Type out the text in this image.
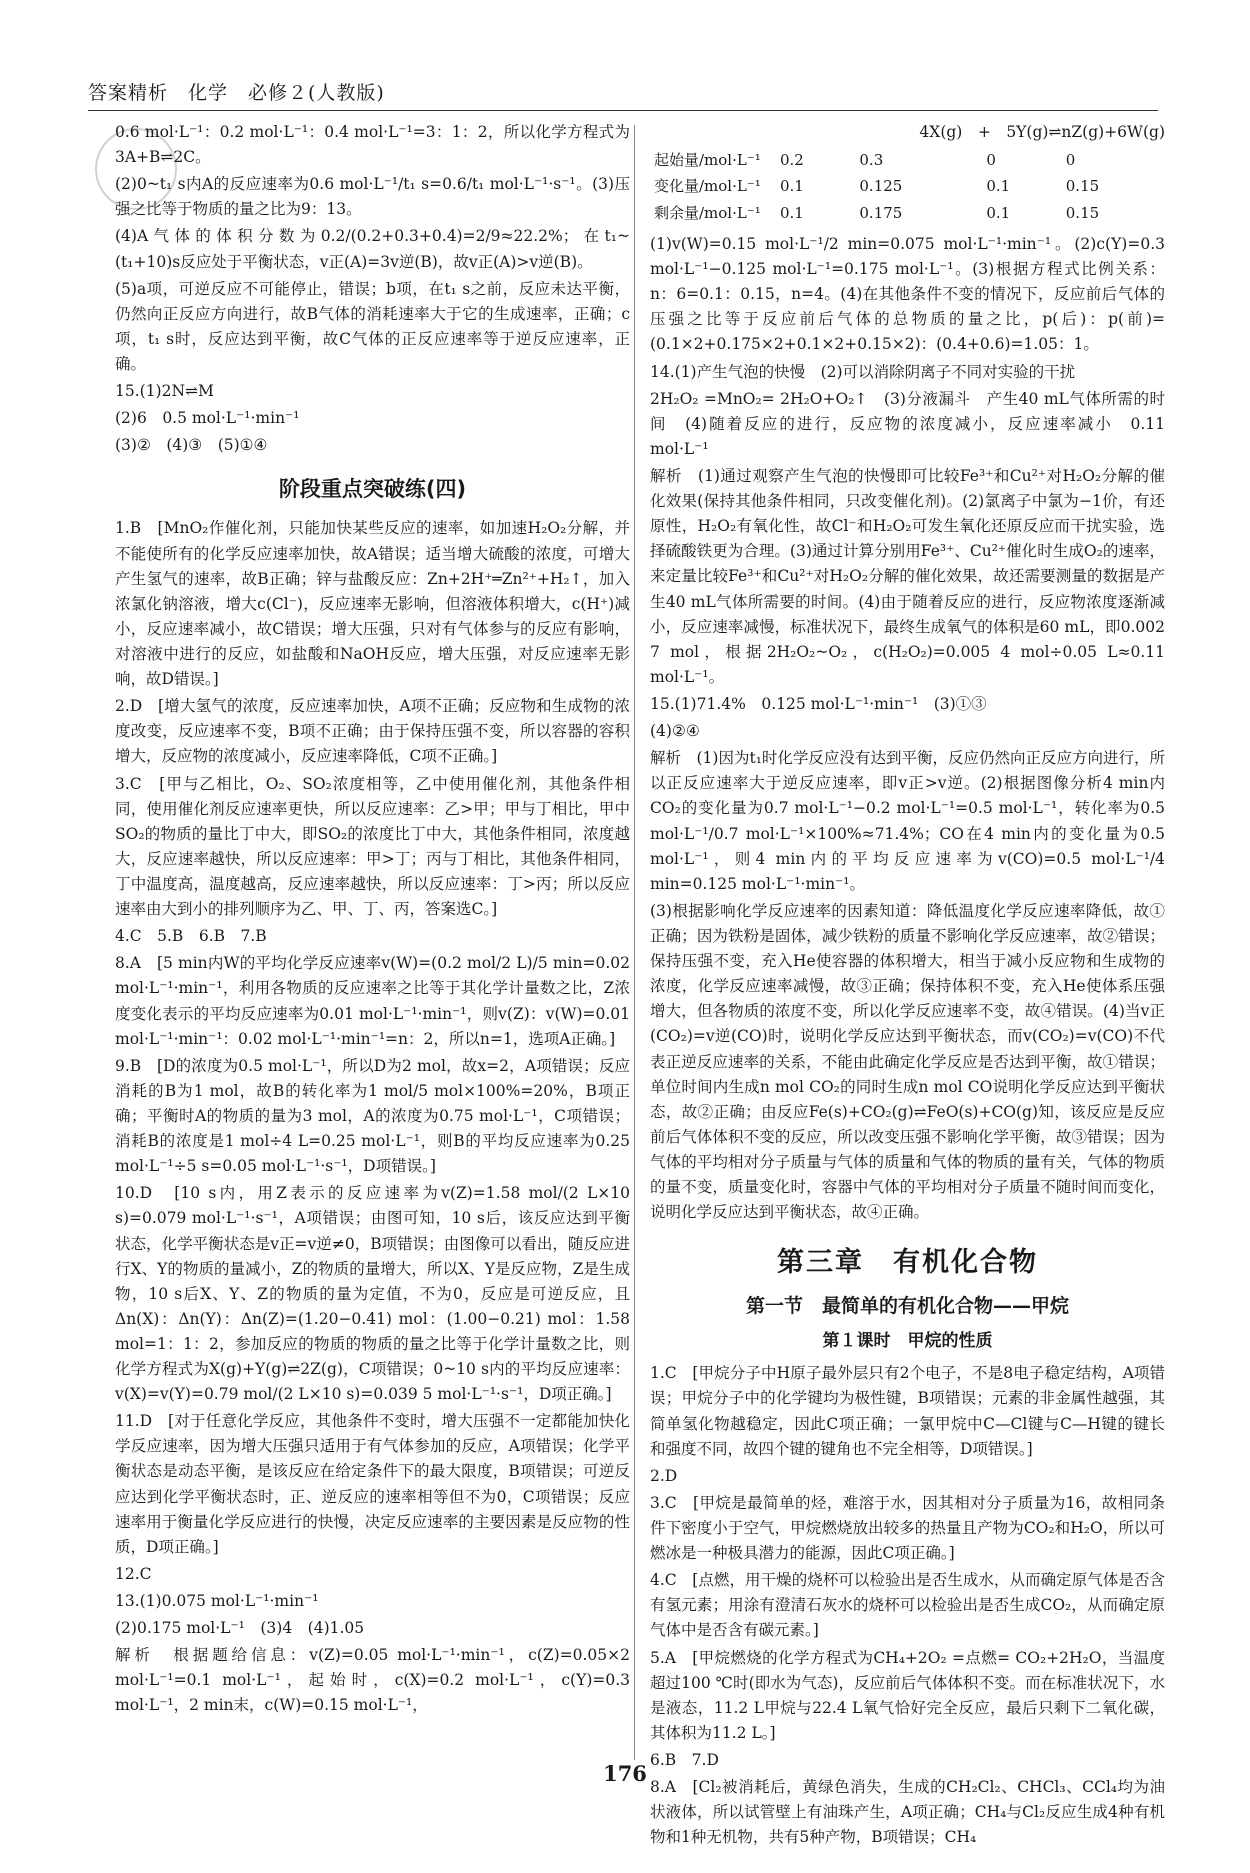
答案精析　化学　必修２(人教版)

0.6 mol·L⁻¹：0.2 mol·L⁻¹：0.4 mol·L⁻¹=3：1：2，所以化学方程式为3A+B⇌2C。

(2)0~t₁ s内A的反应速率为0.6 mol·L⁻¹/t₁ s=0.6/t₁ mol·L⁻¹·s⁻¹。(3)压强之比等于物质的量之比为9：13。

(4)A气体的体积分数为0.2/(0.2+0.3+0.4)=2/9≈22.2%；在t₁~(t₁+10)s反应处于平衡状态，v正(A)=3v逆(B)，故v正(A)>v逆(B)。

(5)a项，可逆反应不可能停止，错误；b项，在t₁ s之前，反应未达平衡，仍然向正反应方向进行，故B气体的消耗速率大于它的生成速率，正确；c项，t₁ s时，反应达到平衡，故C气体的正反应速率等于逆反应速率，正确。

15.(1)2N⇌M

(2)6　0.5 mol·L⁻¹·min⁻¹

(3)②　(4)③　(5)①④

阶段重点突破练(四)

1.B　[MnO₂作催化剂，只能加快某些反应的速率，如加速H₂O₂分解，并不能使所有的化学反应速率加快，故A错误；适当增大硫酸的浓度，可增大产生氢气的速率，故B正确；锌与盐酸反应：Zn+2H⁺═Zn²⁺+H₂↑，加入浓氯化钠溶液，增大c(Cl⁻)，反应速率无影响，但溶液体积增大，c(H⁺)减小，反应速率减小，故C错误；增大压强，只对有气体参与的反应有影响，对溶液中进行的反应，如盐酸和NaOH反应，增大压强，对反应速率无影响，故D错误。]

2.D　[增大氢气的浓度，反应速率加快，A项不正确；反应物和生成物的浓度改变，反应速率不变，B项不正确；由于保持压强不变，所以容器的容积增大，反应物的浓度减小，反应速率降低，C项不正确。]

3.C　[甲与乙相比，O₂、SO₂浓度相等，乙中使用催化剂，其他条件相同，使用催化剂反应速率更快，所以反应速率：乙>甲；甲与丁相比，甲中SO₂的物质的量比丁中大，即SO₂的浓度比丁中大，其他条件相同，浓度越大，反应速率越快，所以反应速率：甲>丁；丙与丁相比，其他条件相同，丁中温度高，温度越高，反应速率越快，所以反应速率：丁>丙；所以反应速率由大到小的排列顺序为乙、甲、丁、丙，答案选C。]

4.C　5.B　6.B　7.B

8.A　[5 min内W的平均化学反应速率v(W)=(0.2 mol/2 L)/5 min=0.02 mol·L⁻¹·min⁻¹，利用各物质的反应速率之比等于其化学计量数之比，Z浓度变化表示的平均反应速率为0.01 mol·L⁻¹·min⁻¹，则v(Z)：v(W)=0.01 mol·L⁻¹·min⁻¹：0.02 mol·L⁻¹·min⁻¹=n：2，所以n=1，选项A正确。]

9.B　[D的浓度为0.5 mol·L⁻¹，所以D为2 mol，故x=2，A项错误；反应消耗的B为1 mol，故B的转化率为1 mol/5 mol×100%=20%，B项正确；平衡时A的物质的量为3 mol，A的浓度为0.75 mol·L⁻¹，C项错误；消耗B的浓度是1 mol÷4 L=0.25 mol·L⁻¹，则B的平均反应速率为0.25 mol·L⁻¹÷5 s=0.05 mol·L⁻¹·s⁻¹，D项错误。]

10.D　[10 s内，用Z表示的反应速率为v(Z)=1.58 mol/(2 L×10 s)=0.079 mol·L⁻¹·s⁻¹，A项错误；由图可知，10 s后，该反应达到平衡状态，化学平衡状态是v正=v逆≠0，B项错误；由图像可以看出，随反应进行X、Y的物质的量减小，Z的物质的量增大，所以X、Y是反应物，Z是生成物，10 s后X、Y、Z的物质的量为定值，不为0，反应是可逆反应，且Δn(X)：Δn(Y)：Δn(Z)=(1.20−0.41) mol：(1.00−0.21) mol：1.58 mol=1：1：2，参加反应的物质的物质的量之比等于化学计量数之比，则化学方程式为X(g)+Y(g)⇌2Z(g)，C项错误；0~10 s内的平均反应速率：v(X)=v(Y)=0.79 mol/(2 L×10 s)=0.039 5 mol·L⁻¹·s⁻¹，D项正确。]

11.D　[对于任意化学反应，其他条件不变时，增大压强不一定都能加快化学反应速率，因为增大压强只适用于有气体参加的反应，A项错误；化学平衡状态是动态平衡，是该反应在给定条件下的最大限度，B项错误；可逆反应达到化学平衡状态时，正、逆反应的速率相等但不为0，C项错误；反应速率用于衡量化学反应进行的快慢，决定反应速率的主要因素是反应物的性质，D项正确。]

12.C

13.(1)0.075 mol·L⁻¹·min⁻¹

(2)0.175 mol·L⁻¹　(3)4　(4)1.05

解析　根据题给信息：v(Z)=0.05 mol·L⁻¹·min⁻¹，c(Z)=0.05×2 mol·L⁻¹=0.1 mol·L⁻¹，起始时，c(X)=0.2 mol·L⁻¹，c(Y)=0.3 mol·L⁻¹，2 min末，c(W)=0.15 mol·L⁻¹，

4X(g)　+　5Y(g)⇌nZ(g)+6W(g)
起始量/mol·L⁻¹	0.2	0.3	0	0
变化量/mol·L⁻¹	0.1	0.125	0.1	0.15
剩余量/mol·L⁻¹	0.1	0.175	0.1	0.15

(1)v(W)=0.15 mol·L⁻¹/2 min=0.075 mol·L⁻¹·min⁻¹。(2)c(Y)=0.3 mol·L⁻¹−0.125 mol·L⁻¹=0.175 mol·L⁻¹。(3)根据方程式比例关系：n：6=0.1：0.15，n=4。(4)在其他条件不变的情况下，反应前后气体的压强之比等于反应前后气体的总物质的量之比，p(后)：p(前)=(0.1×2+0.175×2+0.1×2+0.15×2)：(0.4+0.6)=1.05：1。

14.(1)产生气泡的快慢　(2)可以消除阴离子不同对实验的干扰

2H₂O₂ =MnO₂= 2H₂O+O₂↑　(3)分液漏斗　产生40 mL气体所需的时间　(4)随着反应的进行，反应物的浓度减小，反应速率减小　0.11 mol·L⁻¹

解析　(1)通过观察产生气泡的快慢即可比较Fe³⁺和Cu²⁺对H₂O₂分解的催化效果(保持其他条件相同，只改变催化剂)。(2)氯离子中氯为−1价，有还原性，H₂O₂有氧化性，故Cl⁻和H₂O₂可发生氧化还原反应而干扰实验，选择硫酸铁更为合理。(3)通过计算分别用Fe³⁺、Cu²⁺催化时生成O₂的速率，来定量比较Fe³⁺和Cu²⁺对H₂O₂分解的催化效果，故还需要测量的数据是产生40 mL气体所需要的时间。(4)由于随着反应的进行，反应物浓度逐渐减小，反应速率减慢，标准状况下，最终生成氧气的体积是60 mL，即0.002 7 mol，根据2H₂O₂~O₂，c(H₂O₂)=0.005 4 mol÷0.05 L≈0.11 mol·L⁻¹。

15.(1)71.4%　0.125 mol·L⁻¹·min⁻¹　(3)①③

(4)②④

解析　(1)因为t₁时化学反应没有达到平衡，反应仍然向正反应方向进行，所以正反应速率大于逆反应速率，即v正>v逆。(2)根据图像分析4 min内CO₂的变化量为0.7 mol·L⁻¹−0.2 mol·L⁻¹=0.5 mol·L⁻¹，转化率为0.5 mol·L⁻¹/0.7 mol·L⁻¹×100%≈71.4%；CO在4 min内的变化量为0.5 mol·L⁻¹，则4 min内的平均反应速率为v(CO)=0.5 mol·L⁻¹/4 min=0.125 mol·L⁻¹·min⁻¹。

(3)根据影响化学反应速率的因素知道：降低温度化学反应速率降低，故①正确；因为铁粉是固体，减少铁粉的质量不影响化学反应速率，故②错误；保持压强不变，充入He使容器的体积增大，相当于减小反应物和生成物的浓度，化学反应速率减慢，故③正确；保持体积不变，充入He使体系压强增大，但各物质的浓度不变，所以化学反应速率不变，故④错误。(4)当v正(CO₂)=v逆(CO)时，说明化学反应达到平衡状态，而v(CO₂)=v(CO)不代表正逆反应速率的关系，不能由此确定化学反应是否达到平衡，故①错误；单位时间内生成n mol CO₂的同时生成n mol CO说明化学反应达到平衡状态，故②正确；由反应Fe(s)+CO₂(g)⇌FeO(s)+CO(g)知，该反应是反应前后气体体积不变的反应，所以改变压强不影响化学平衡，故③错误；因为气体的平均相对分子质量与气体的质量和气体的物质的量有关，气体的物质的量不变，质量变化时，容器中气体的平均相对分子质量不随时间而变化，说明化学反应达到平衡状态，故④正确。

第三章　有机化合物
第一节　最简单的有机化合物——甲烷
第１课时　甲烷的性质

1.C　[甲烷分子中H原子最外层只有2个电子，不是8电子稳定结构，A项错误；甲烷分子中的化学键均为极性键，B项错误；元素的非金属性越强，其简单氢化物越稳定，因此C项正确；一氯甲烷中C—Cl键与C—H键的键长和强度不同，故四个键的键角也不完全相等，D项错误。]

2.D

3.C　[甲烷是最简单的烃，难溶于水，因其相对分子质量为16，故相同条件下密度小于空气，甲烷燃烧放出较多的热量且产物为CO₂和H₂O，所以可燃冰是一种极具潜力的能源，因此C项正确。]

4.C　[点燃，用干燥的烧杯可以检验出是否生成水，从而确定原气体是否含有氢元素；用涂有澄清石灰水的烧杯可以检验出是否生成CO₂，从而确定原气体中是否含有碳元素。]

5.A　[甲烷燃烧的化学方程式为CH₄+2O₂ =点燃= CO₂+2H₂O，当温度超过100 ℃时(即水为气态)，反应前后气体体积不变。而在标准状况下，水是液态，11.2 L甲烷与22.4 L氧气恰好完全反应，最后只剩下二氧化碳，其体积为11.2 L。]

6.B　7.D

8.A　[Cl₂被消耗后，黄绿色消失，生成的CH₂Cl₂、CHCl₃、CCl₄均为油状液体，所以试管壁上有油珠产生，A项正确；CH₄与Cl₂反应生成4种有机物和1种无机物，共有5种产物，B项错误；CH₄

176
